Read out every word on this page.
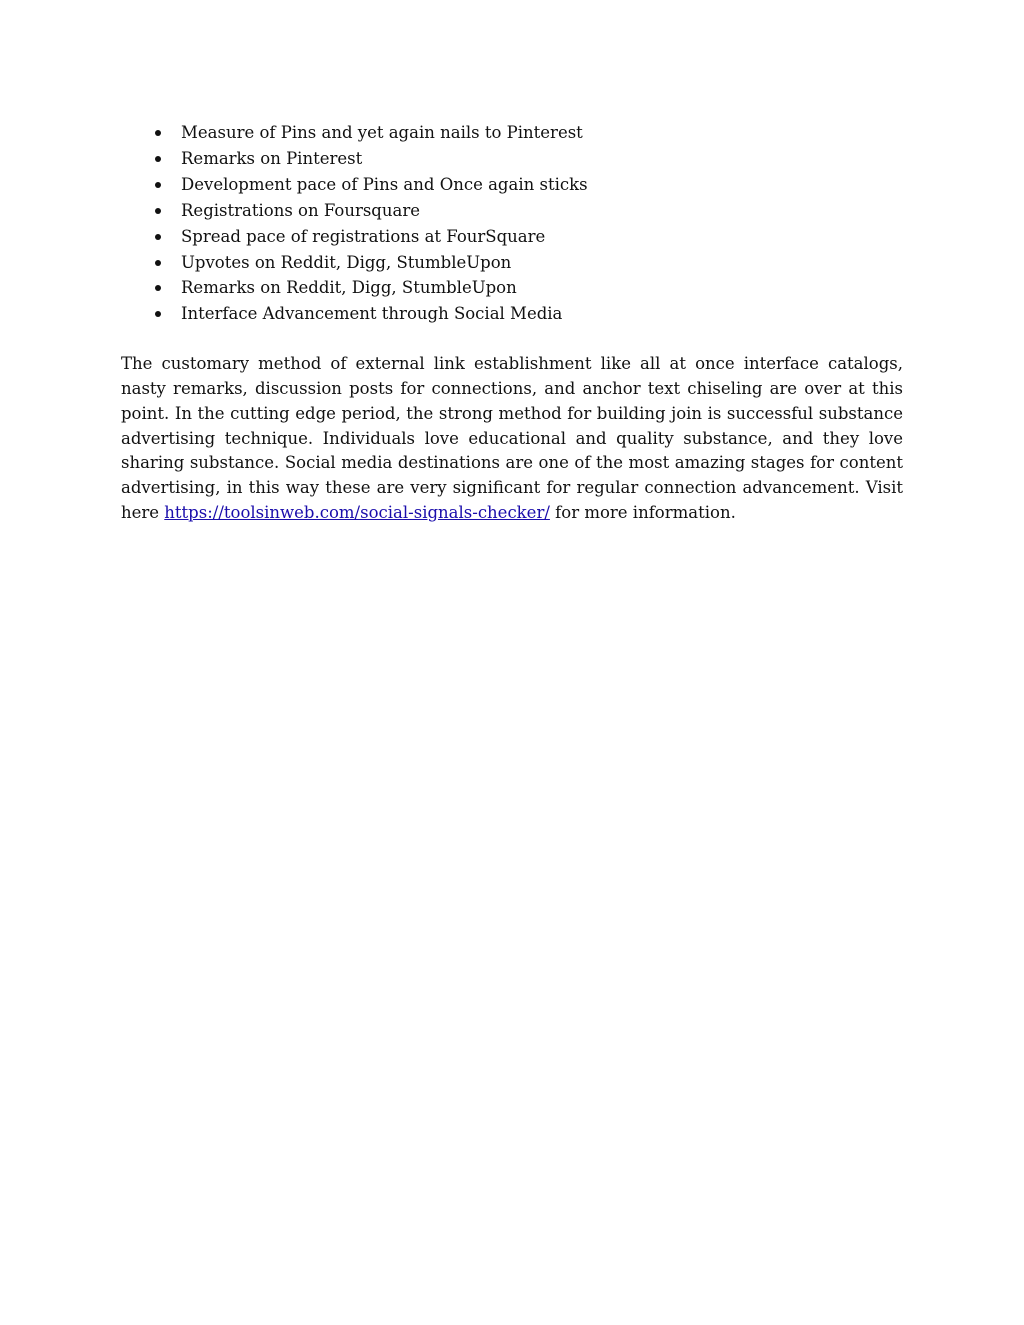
Measure of Pins and yet again nails to Pinterest
Remarks on Pinterest
Development pace of Pins and Once again sticks
Registrations on Foursquare
Spread pace of registrations at FourSquare
Upvotes on Reddit, Digg, StumbleUpon
Remarks on Reddit, Digg, StumbleUpon
Interface Advancement through Social Media

The customary method of external link establishment like all at once interface catalogs, nasty remarks, discussion posts for connections, and anchor text chiseling are over at this point. In the cutting edge period, the strong method for building join is successful substance advertising technique. Individuals love educational and quality substance, and they love sharing substance. Social media destinations are one of the most amazing stages for content advertising, in this way these are very significant for regular connection advancement. Visit here https://toolsinweb.com/social-signals-checker/ for more information.
